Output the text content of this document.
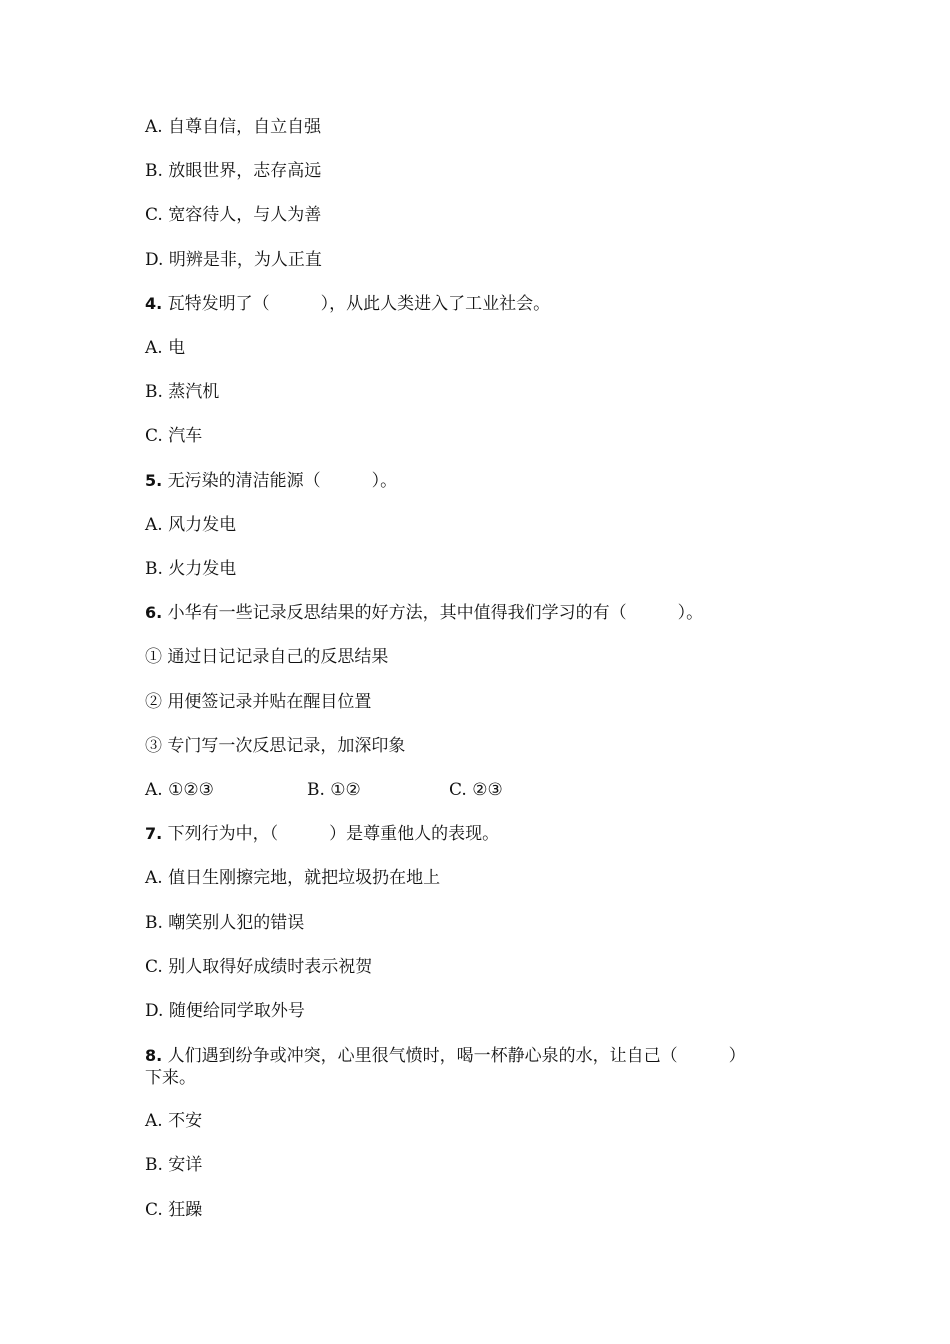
A. 自尊自信，自立自强
B. 放眼世界，志存高远
C. 宽容待人，与人为善
D. 明辨是非，为人正直
4. 瓦特发明了（　　　），从此人类进入了工业社会。
A. 电
B. 蒸汽机
C. 汽车
5. 无污染的清洁能源（　　　）。
A. 风力发电
B. 火力发电
6. 小华有一些记录反思结果的好方法，其中值得我们学习的有（　　　）。
① 通过日记记录自己的反思结果
② 用便签记录并贴在醒目位置
③ 专门写一次反思记录，加深印象
A. ①②③	B. ①②	C. ②③
7. 下列行为中，（　　　）是尊重他人的表现。
A. 值日生刚擦完地，就把垃圾扔在地上
B. 嘲笑别人犯的错误
C. 别人取得好成绩时表示祝贺
D. 随便给同学取外号
8. 人们遇到纷争或冲突，心里很气愤时，喝一杯静心泉的水，让自己（　　　）
下来。
A. 不安
B. 安详
C. 狂躁
